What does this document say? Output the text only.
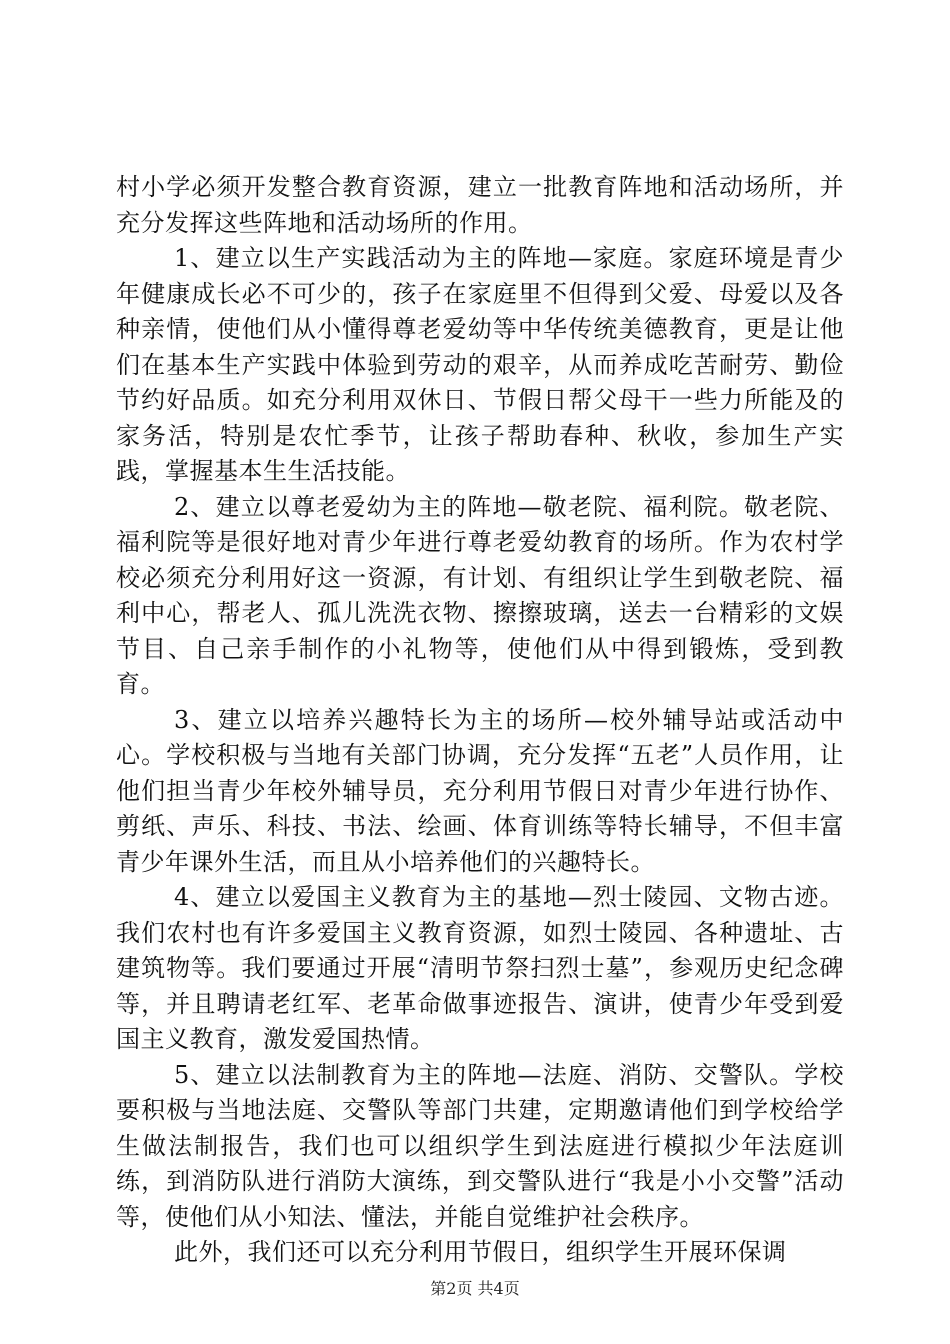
村小学必须开发整合教育资源，建立一批教育阵地和活动场所，并充分发挥这些阵地和活动场所的作用。

1、建立以生产实践活动为主的阵地—家庭。家庭环境是青少年健康成长必不可少的，孩子在家庭里不但得到父爱、母爱以及各种亲情，使他们从小懂得尊老爱幼等中华传统美德教育，更是让他们在基本生产实践中体验到劳动的艰辛，从而养成吃苦耐劳、勤俭节约好品质。如充分利用双休日、节假日帮父母干一些力所能及的家务活，特别是农忙季节，让孩子帮助春种、秋收，参加生产实践，掌握基本生生活技能。

2、建立以尊老爱幼为主的阵地—敬老院、福利院。敬老院、福利院等是很好地对青少年进行尊老爱幼教育的场所。作为农村学校必须充分利用好这一资源，有计划、有组织让学生到敬老院、福利中心，帮老人、孤儿洗洗衣物、擦擦玻璃，送去一台精彩的文娱节目、自己亲手制作的小礼物等，使他们从中得到锻炼，受到教育。

3、建立以培养兴趣特长为主的场所—校外辅导站或活动中心。学校积极与当地有关部门协调，充分发挥“五老”人员作用，让他们担当青少年校外辅导员，充分利用节假日对青少年进行协作、剪纸、声乐、科技、书法、绘画、体育训练等特长辅导，不但丰富青少年课外生活，而且从小培养他们的兴趣特长。

4、建立以爱国主义教育为主的基地—烈士陵园、文物古迹。我们农村也有许多爱国主义教育资源，如烈士陵园、各种遗址、古建筑物等。我们要通过开展“清明节祭扫烈士墓”，参观历史纪念碑等，并且聘请老红军、老革命做事迹报告、演讲，使青少年受到爱国主义教育，激发爱国热情。

5、建立以法制教育为主的阵地—法庭、消防、交警队。学校要积极与当地法庭、交警队等部门共建，定期邀请他们到学校给学生做法制报告，我们也可以组织学生到法庭进行模拟少年法庭训练，到消防队进行消防大演练，到交警队进行“我是小小交警”活动等，使他们从小知法、懂法，并能自觉维护社会秩序。

此外，我们还可以充分利用节假日，组织学生开展环保调

第2页 共4页
